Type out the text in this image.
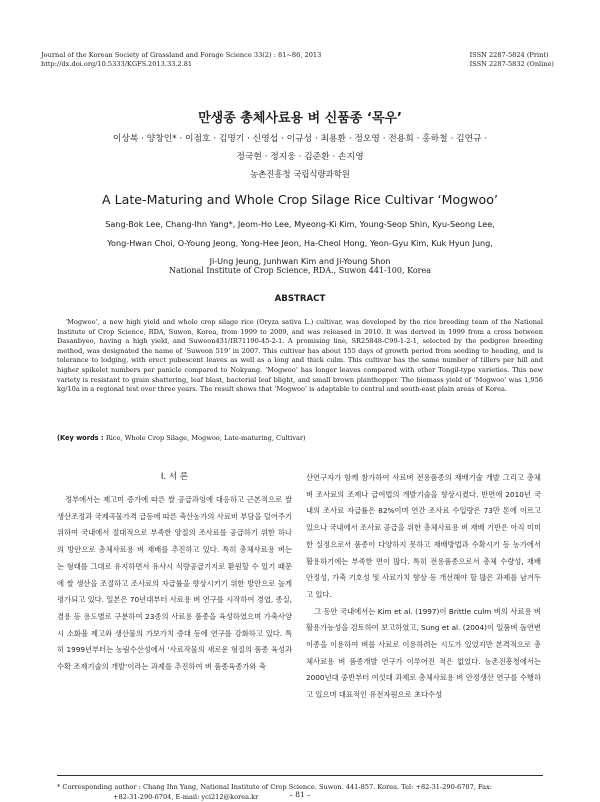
Journal of the Korean Society of Grassland and Forage Science 33(2) : 81~86, 2013
http://dx.doi.org/10.5333/KGFS.2013.33.2.81
ISSN 2287-5824 (Print)
ISSN 2287-5832 (Online)
만생종 총체사료용 벼 신품종 ‘목우’
이상복 · 양창인* · 이점호 · 김명기 · 신영섭 · 이규성 · 최용환 · 정오영 · 전용희 · 홍하철 · 김연규 ·
정국현 · 정지웅 · 김준환 · 손지영
농촌진흥청 국립식량과학원
A Late-Maturing and Whole Crop Silage Rice Cultivar ‘Mogwoo’
Sang-Bok Lee, Chang-Ihn Yang*, Jeom-Ho Lee, Myeong-Ki Kim, Young-Seop Shin, Kyu-Seong Lee,
Yong-Hwan Choi, O-Young Jeong, Yong-Hee Jeon, Ha-Cheol Hong, Yeon-Gyu Kim, Kuk Hyun Jung,
Ji-Ung Jeung, Junhwan Kim and Ji-Young Shon
National Institute of Crop Science, RDA., Suwon 441-100, Korea
ABSTRACT
‘Mogwoo’, a new high yield and whole crop silage rice (Oryza sativa L.) cultivar, was developed by the rice breeding team of the National Institute of Crop Science, RDA, Suwon, Korea, from 1999 to 2009, and was released in 2010. It was derived in 1999 from a cross between Dasanbyeo, having a high yield, and Suweon431/IR71190-45-2-1. A promising line, SR25848-C99-1-2-1, selected by the pedigree breeding method, was designated the name of ‘Suweon 519’ in 2007. This cultivar has about 155 days of growth period from seeding to heading, and is tolerance to lodging, with erect pubescent leaves as well as a long and thick culm. This cultivar has the same number of tillers per hill and higher spikelet numbers per panicle compared to Nokyang. ‘Mogwoo’ has longer leaves compared with other Tongil-type varieties. This new variety is resistant to grain shattering, leaf blast, bacterial leaf blight, and small brown planthopper. The biomass yield of ‘Mogwoo’ was 1,956 kg/10a in a regional test over three years. The result shows that ‘Mogwoo’ is adaptable to central and south-east plain areas of Korea.
(Key words : Rice, Whole Crop Silage, Mogwoo, Late-maturing, Cultivar)
Ⅰ. 서 론

정부에서는 제고미 증가에 따른 쌀 공급과잉에 대응하고 근본적으로 쌀 생산조정과 국제곡물가격 급등에 따른 축산농가의 사료비 부담을 덜어주기 위하여 국내에서 절대적으로 부족한 양질의 조사료를 공급하기 위한 하나의 방안으로 총체사료용 벼 재배를 추진하고 있다. 특히 총체사료용 벼는 논 형태를 그대로 유지하면서 유사시 식량공급기지로 환원할 수 있기 때문에 쌀 생산을 조절하고 조사료의 자급률을 향상시키기 위한 방안으로 높게 평가되고 있다. 일본은 70년대부터 사료용 벼 연구를 시작하여 경엽, 종실, 겸용 등 용도별로 구분하여 23종의 사료용 품종을 육성하였으며 가축사양시 소화율 제고와 생산물의 가보가치 증대 등에 연구를 강화하고 있다. 특히 1999년부터는 농림수산성에서 ‘사료작물의 새로운 형질의 품종 육성과 수확 조제기술의 개발’이라는 과제를 추진하여 벼 품종육종가와 축

산연구자가 함께 참가하여 사료벼 전용품종의 재배기술 개발 그리고 총체벼 조사료의 조제나 급여법의 개발기술을 향상시켰다. 반면에 2010년 국내의 조사료 자급률은 82%이며 연간 조사료 수입량은 73만 톤에 이르고 있으나 국내에서 조사료 공급을 위한 총체사료용 벼 재배 기반은 아직 미미한 실정으로서 품종이 다양하지 못하고 재배방법과 수확시기 등 농가에서 활용하기에는 부족한 면이 많다. 특히 전용품종으로서 총체 수량성, 재배 안정성, 가축 기호성 및 사료가치 향상 등 개선해야 할 많은 과제를 남겨두고 있다.

그 동안 국내에서는 Kim et al. (1997)이 Brittle culm 벼의 사료용 벼 활용가능성을 검토하여 보고하였고, Sung et al. (2004)이 일품벼 돌연변이종을 이용하여 벼를 사료로 이용하려는 시도가 있었지만 본격적으로 총체사료용 벼 품종개발 연구가 이루어진 적은 없었다. 농촌진흥청에서는 2000년대 중반부터 여섯대 과제로 총체사료용 벼 안정생산 연구를 수행하고 있으며 대표적인 유전자원으로 초다수성

* Corresponding author : Chang Ihn Yang, National Institute of Crop Science. Suwon. 441-857. Korea. Tel: +82-31-290-6707, Fax:
+82-31-290-6704, E-mail: yci212@korea.kr	– 81 –
